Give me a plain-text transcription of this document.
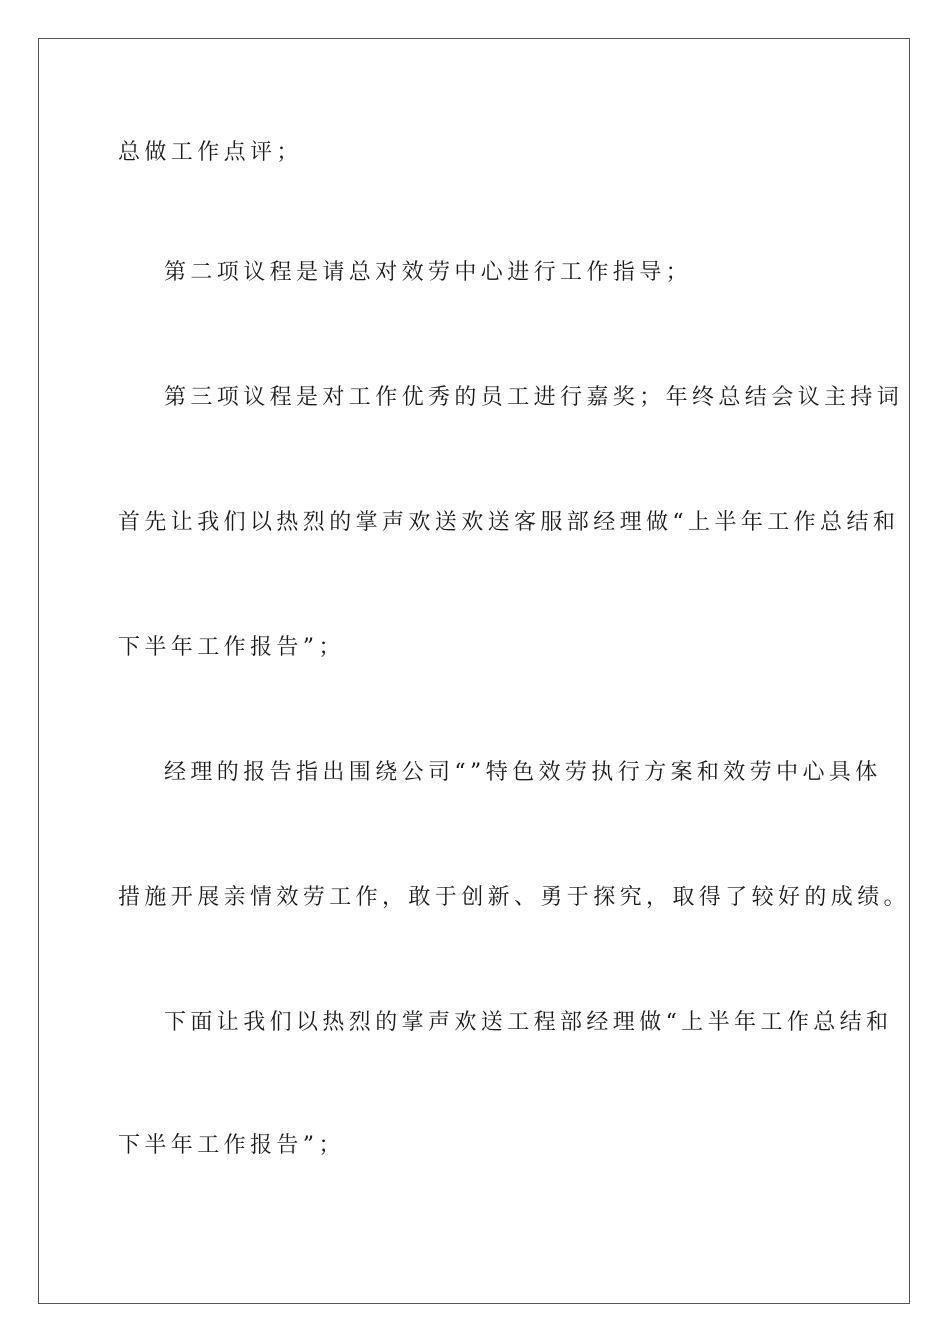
总做工作点评；

第二项议程是请总对效劳中心进行工作指导；

第三项议程是对工作优秀的员工进行嘉奖；年终总结会议主持词

首先让我们以热烈的掌声欢送欢送客服部经理做“上半年工作总结和

下半年工作报告”；

经理的报告指出围绕公司“”特色效劳执行方案和效劳中心具体

措施开展亲情效劳工作，敢于创新、勇于探究，取得了较好的成绩。

下面让我们以热烈的掌声欢送工程部经理做“上半年工作总结和

下半年工作报告”；
